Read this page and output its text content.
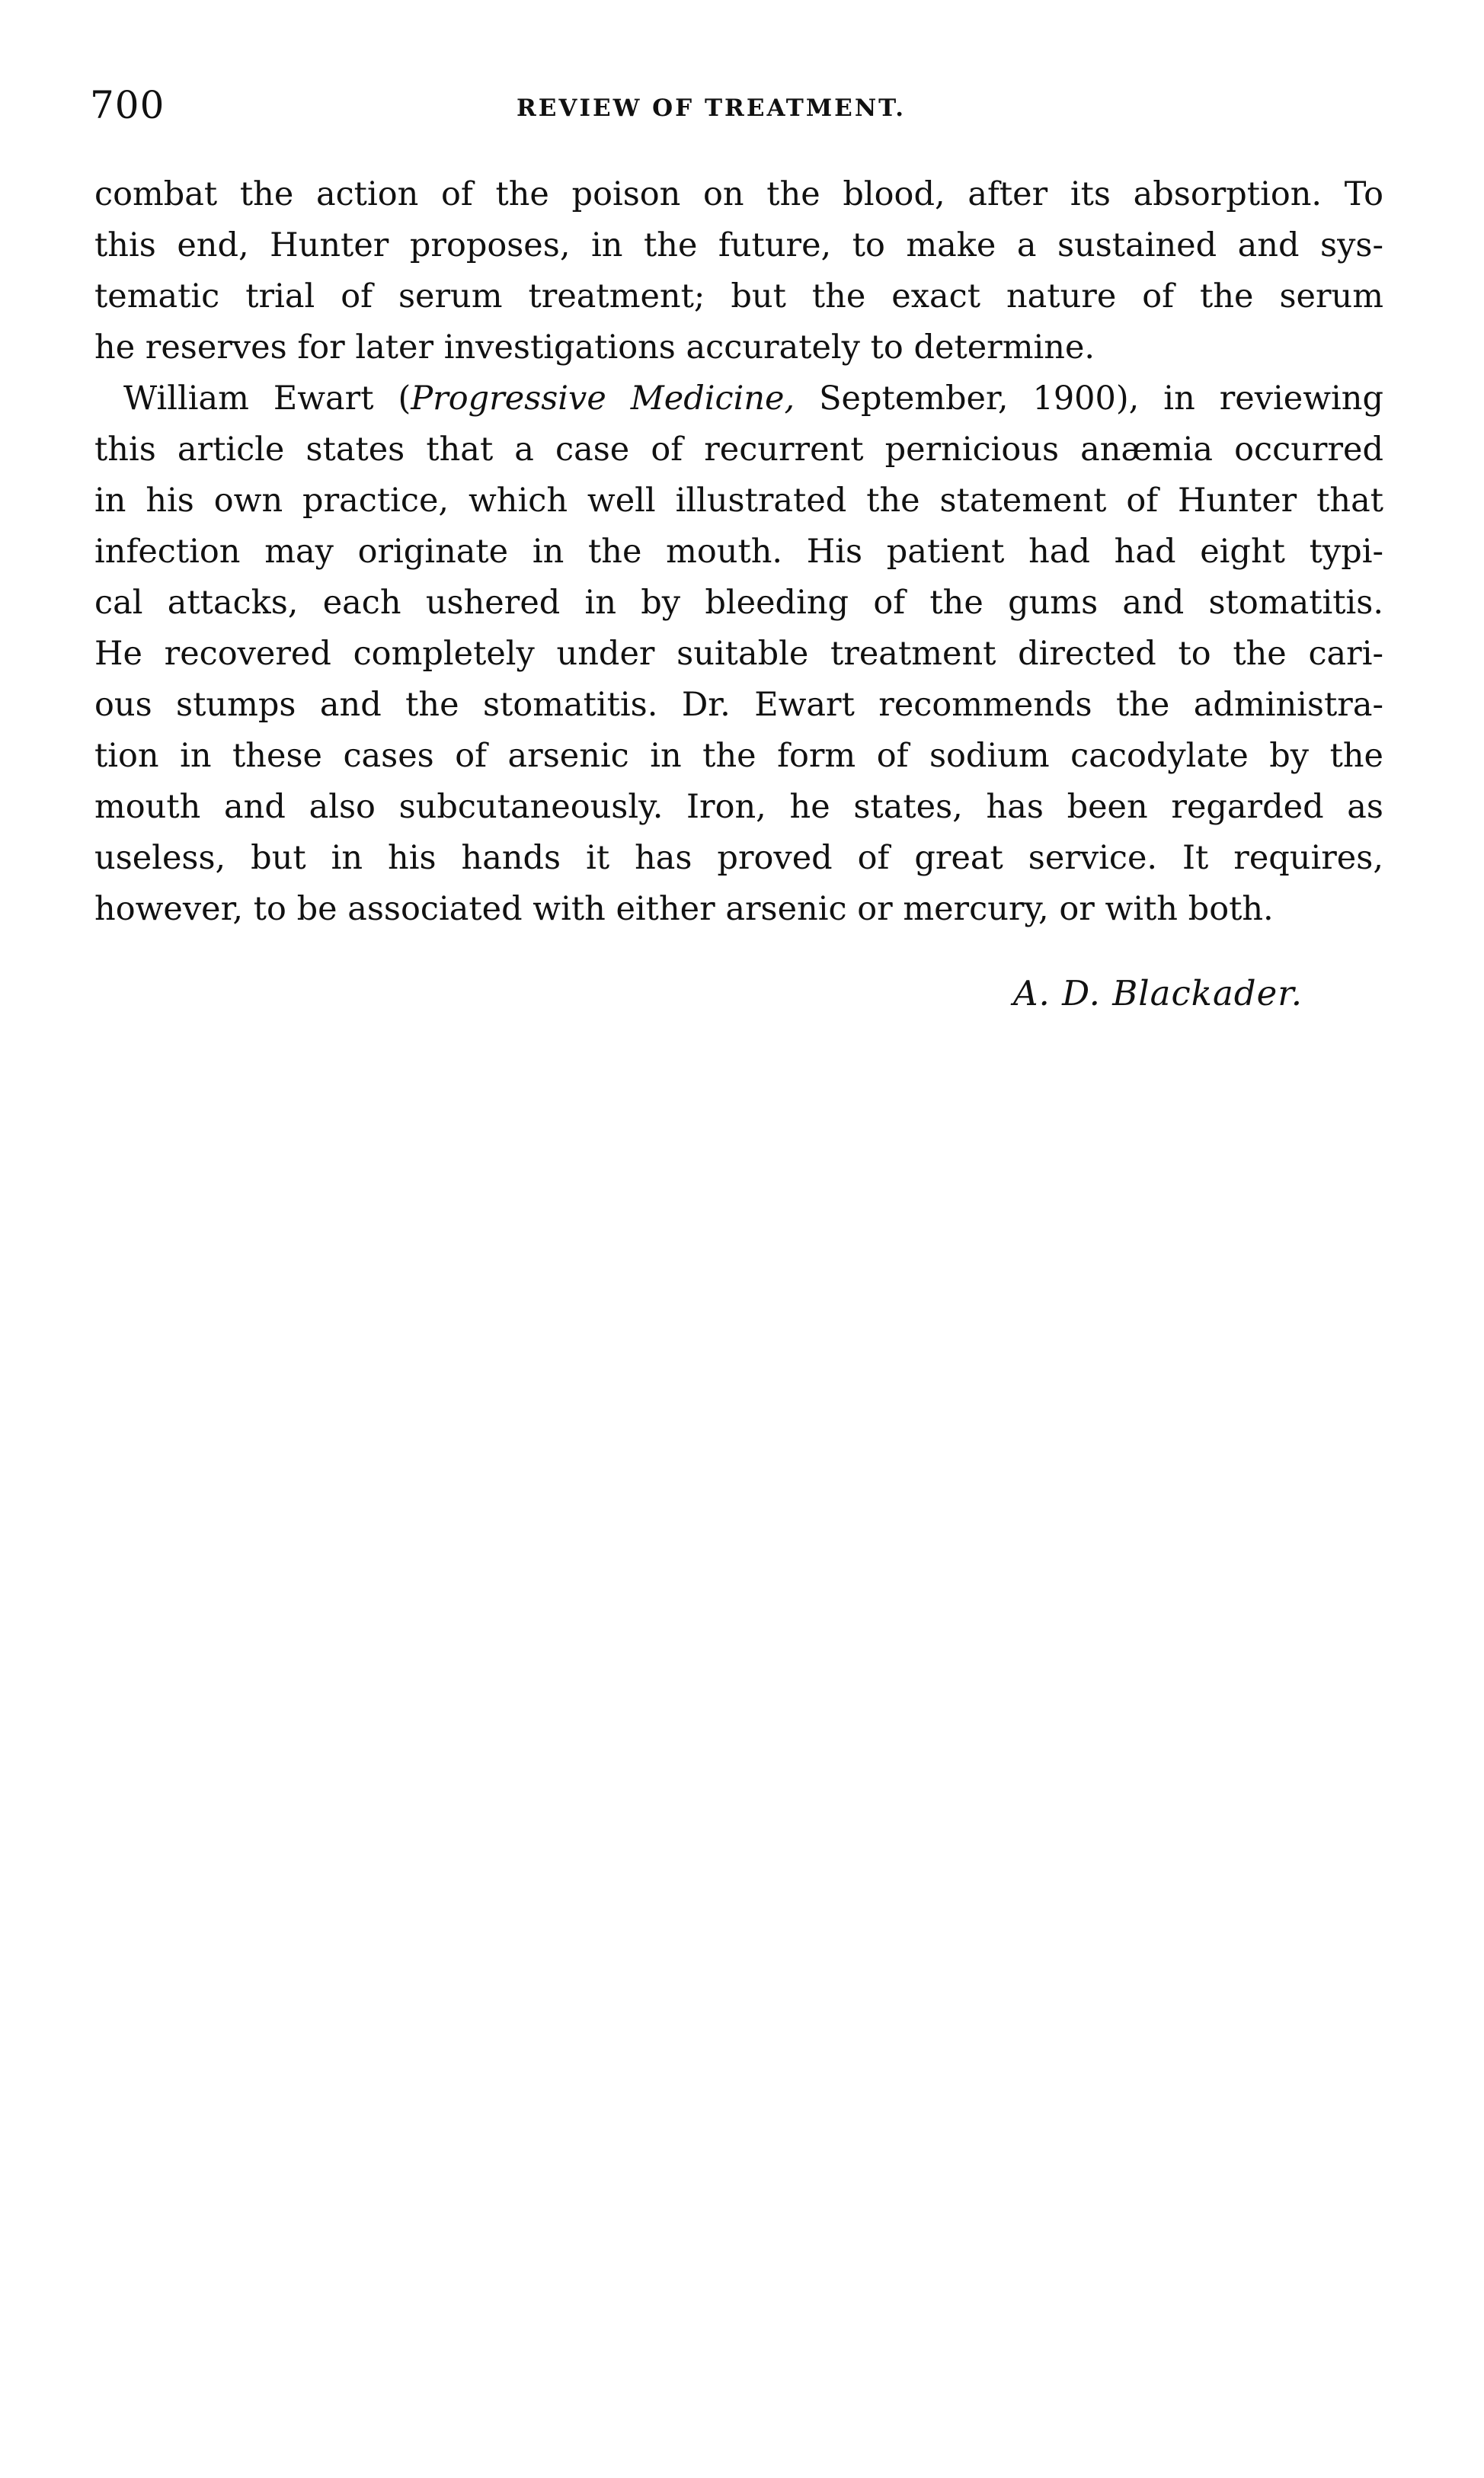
700	REVIEW OF TREATMENT.
combat the action of the poison on the blood, after its absorption. To
this end, Hunter proposes, in the future, to make a sustained and sys-
tematic trial of serum treatment; but the exact nature of the serum
he reserves for later investigations accurately to determine.
William Ewart (Progressive Medicine, September, 1900), in reviewing
this article states that a case of recurrent pernicious anæmia occurred
in his own practice, which well illustrated the statement of Hunter that
infection may originate in the mouth. His patient had had eight typi-
cal attacks, each ushered in by bleeding of the gums and stomatitis.
He recovered completely under suitable treatment directed to the cari-
ous stumps and the stomatitis. Dr. Ewart recommends the administra-
tion in these cases of arsenic in the form of sodium cacodylate by the
mouth and also subcutaneously. Iron, he states, has been regarded as
useless, but in his hands it has proved of great service. It requires,
however, to be associated with either arsenic or mercury, or with both.
A. D. Blackader.
